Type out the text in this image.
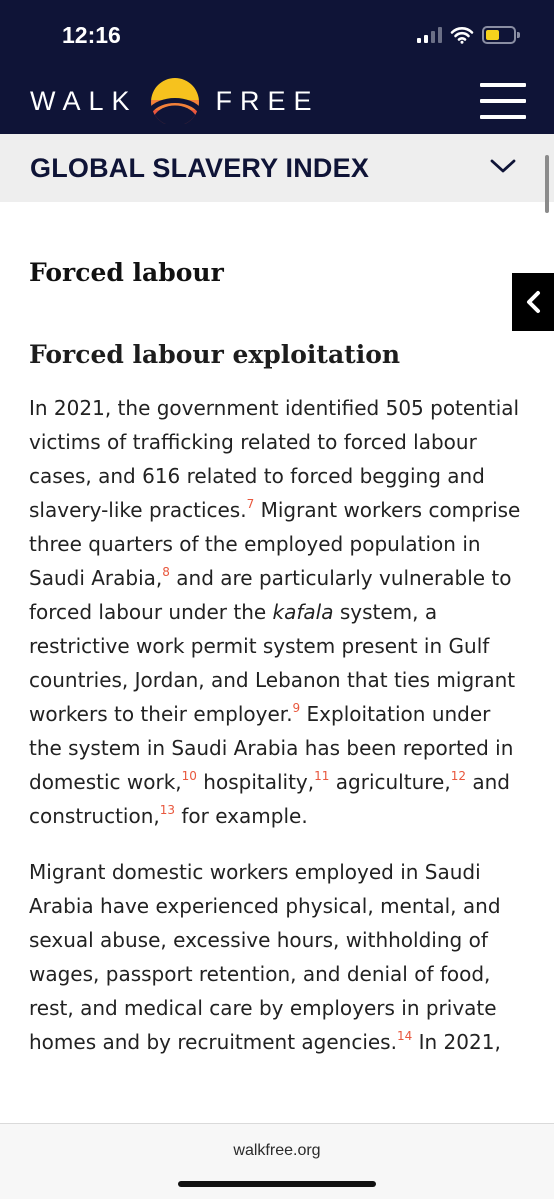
12:16
WALK	FREE
GLOBAL SLAVERY INDEX
Forced labour
Forced labour exploitation

In 2021, the government identified 505 potential victims of trafficking related to forced labour cases, and 616 related to forced begging and slavery-like practices.$^7$ Migrant workers comprise three quarters of the employed population in Saudi Arabia,$^8$ and are particularly vulnerable to forced labour under the kafala system, a restrictive work permit system present in Gulf countries, Jordan, and Lebanon that ties migrant workers to their employer.$^9$ Exploitation under the system in Saudi Arabia has been reported in domestic work,$^{10}$ hospitality,$^{11}$ agriculture,$^{12}$ and construction,$^{13}$ for example.

Migrant domestic workers employed in Saudi Arabia have experienced physical, mental, and sexual abuse, excessive hours, withholding of wages, passport retention, and denial of food, rest, and medical care by employers in private homes and by recruitment agencies.$^{14}$ In 2021,

walkfree.org
